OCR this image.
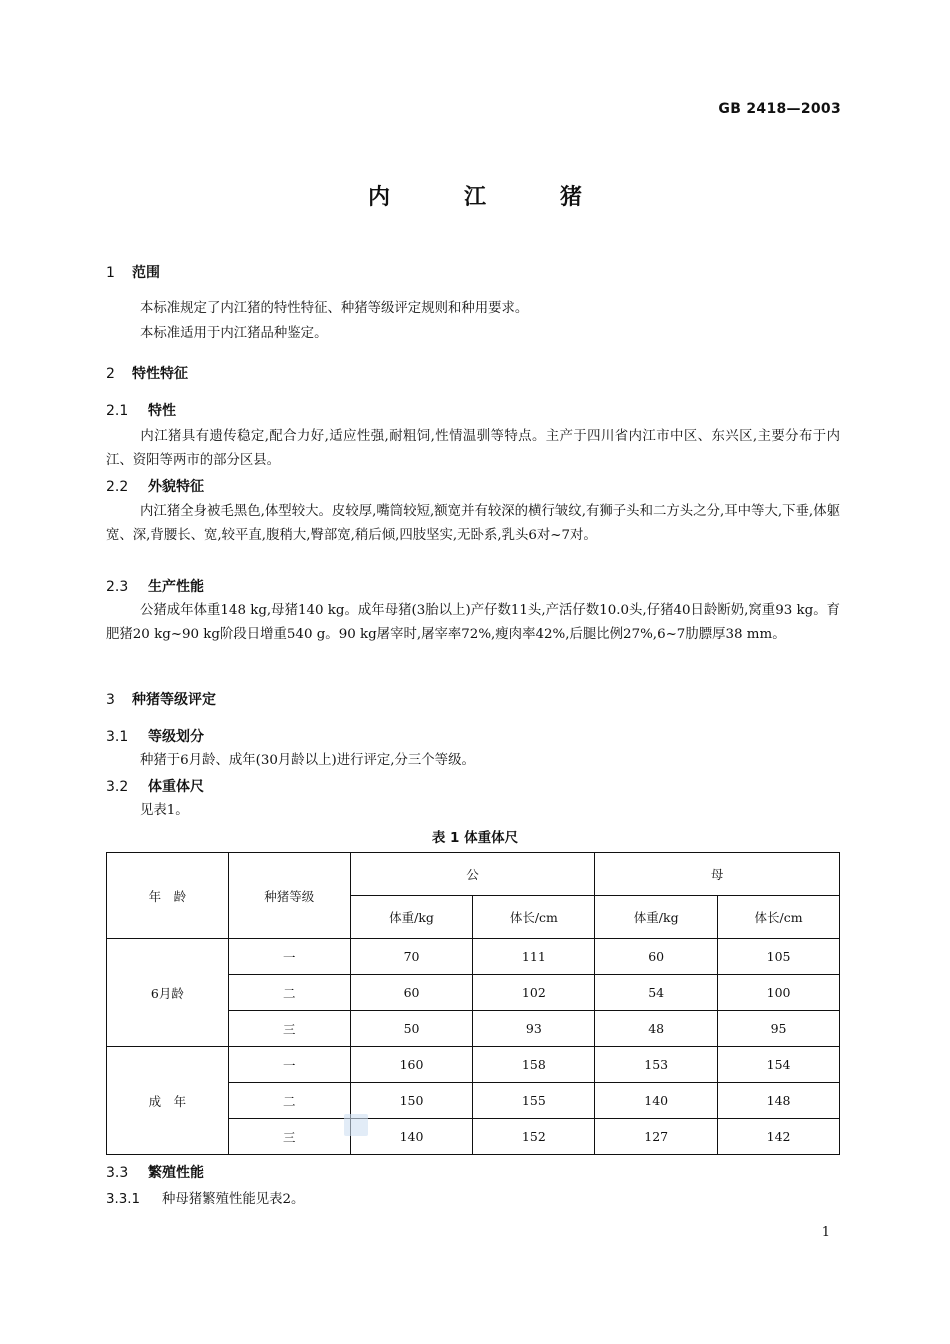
GB 2418—2003
内	江	猪
1 范围
本标准规定了内江猪的特性特征、种猪等级评定规则和种用要求。
本标准适用于内江猪品种鉴定。
2 特性特征
2.1 特性
内江猪具有遗传稳定,配合力好,适应性强,耐粗饲,性情温驯等特点。主产于四川省内江市中区、东兴区,主要分布于内江、资阳等两市的部分区县。
2.2 外貌特征
内江猪全身被毛黑色,体型较大。皮较厚,嘴筒较短,额宽并有较深的横行皱纹,有狮子头和二方头之分,耳中等大,下垂,体躯宽、深,背腰长、宽,较平直,腹稍大,臀部宽,稍后倾,四肢坚实,无卧系,乳头6对~7对。
2.3 生产性能
公猪成年体重148 kg,母猪140 kg。成年母猪(3胎以上)产仔数11头,产活仔数10.0头,仔猪40日龄断奶,窝重93 kg。育肥猪20 kg~90 kg阶段日增重540 g。90 kg屠宰时,屠宰率72%,瘦肉率42%,后腿比例27%,6~7肋膘厚38 mm。
3 种猪等级评定
3.1 等级划分
种猪于6月龄、成年(30月龄以上)进行评定,分三个等级。
3.2 体重体尺
见表1。
表 1 体重体尺
年　龄	种猪等级	公		母	
		体重/kg	体长/cm	体重/kg	体长/cm
6月龄	一	70	111	60	105
	二	60	102	54	100
	三	50	93	48	95
成　年	一	160	158	153	154
	二	150	155	140	148
	三	140	152	127	142
3.3 繁殖性能
3.3.1 种母猪繁殖性能见表2。
1
